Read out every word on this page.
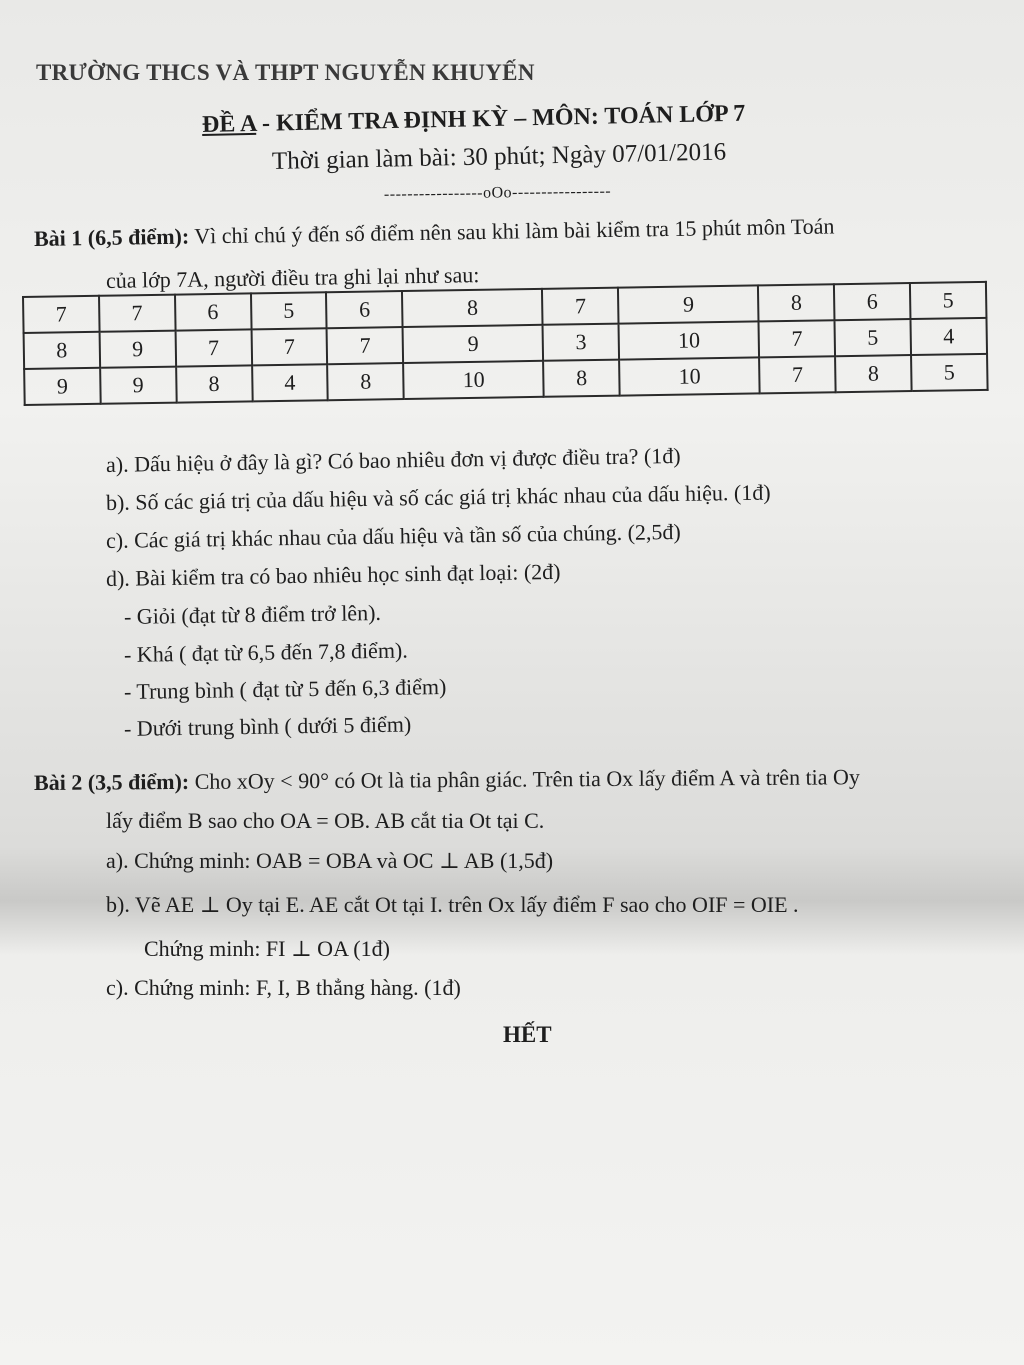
TRƯỜNG THCS VÀ THPT NGUYỄN KHUYẾN
ĐỀ A - KIỂM TRA ĐỊNH KỲ – MÔN: TOÁN LỚP 7
Thời gian làm bài: 30 phút; Ngày 07/01/2016
-----------------oOo-----------------
Bài 1 (6,5 điểm): Vì chỉ chú ý đến số điểm nên sau khi làm bài kiểm tra 15 phút môn Toán
của lớp 7A, người điều tra ghi lại như sau:
7	7	6	5	6	8	7	9	8	6	5
8	9	7	7	7	9	3	10	7	5	4
9	9	8	4	8	10	8	10	7	8	5
a). Dấu hiệu ở đây là gì? Có bao nhiêu đơn vị được điều tra? (1đ)
b). Số các giá trị của dấu hiệu và số các giá trị khác nhau của dấu hiệu. (1đ)
c). Các giá trị khác nhau của dấu hiệu và tần số của chúng. (2,5đ)
d). Bài kiểm tra có bao nhiêu học sinh đạt loại: (2đ)
- Giỏi (đạt từ 8 điểm trở lên).
- Khá ( đạt từ 6,5 đến 7,8 điểm).
- Trung bình ( đạt từ 5 đến 6,3 điểm)
- Dưới trung bình ( dưới 5 điểm)
Bài 2 (3,5 điểm): Cho xOy < 90° có Ot là tia phân giác. Trên tia Ox lấy điểm A và trên tia Oy
lấy điểm B sao cho OA = OB. AB cắt tia Ot tại C.
a). Chứng minh: OAB = OBA và OC ⊥ AB (1,5đ)
b). Vẽ AE ⊥ Oy tại E. AE cắt Ot tại I. trên Ox lấy điểm F sao cho OIF = OIE .
Chứng minh: FI ⊥ OA (1đ)
c). Chứng minh: F, I, B thẳng hàng. (1đ)
HẾT
